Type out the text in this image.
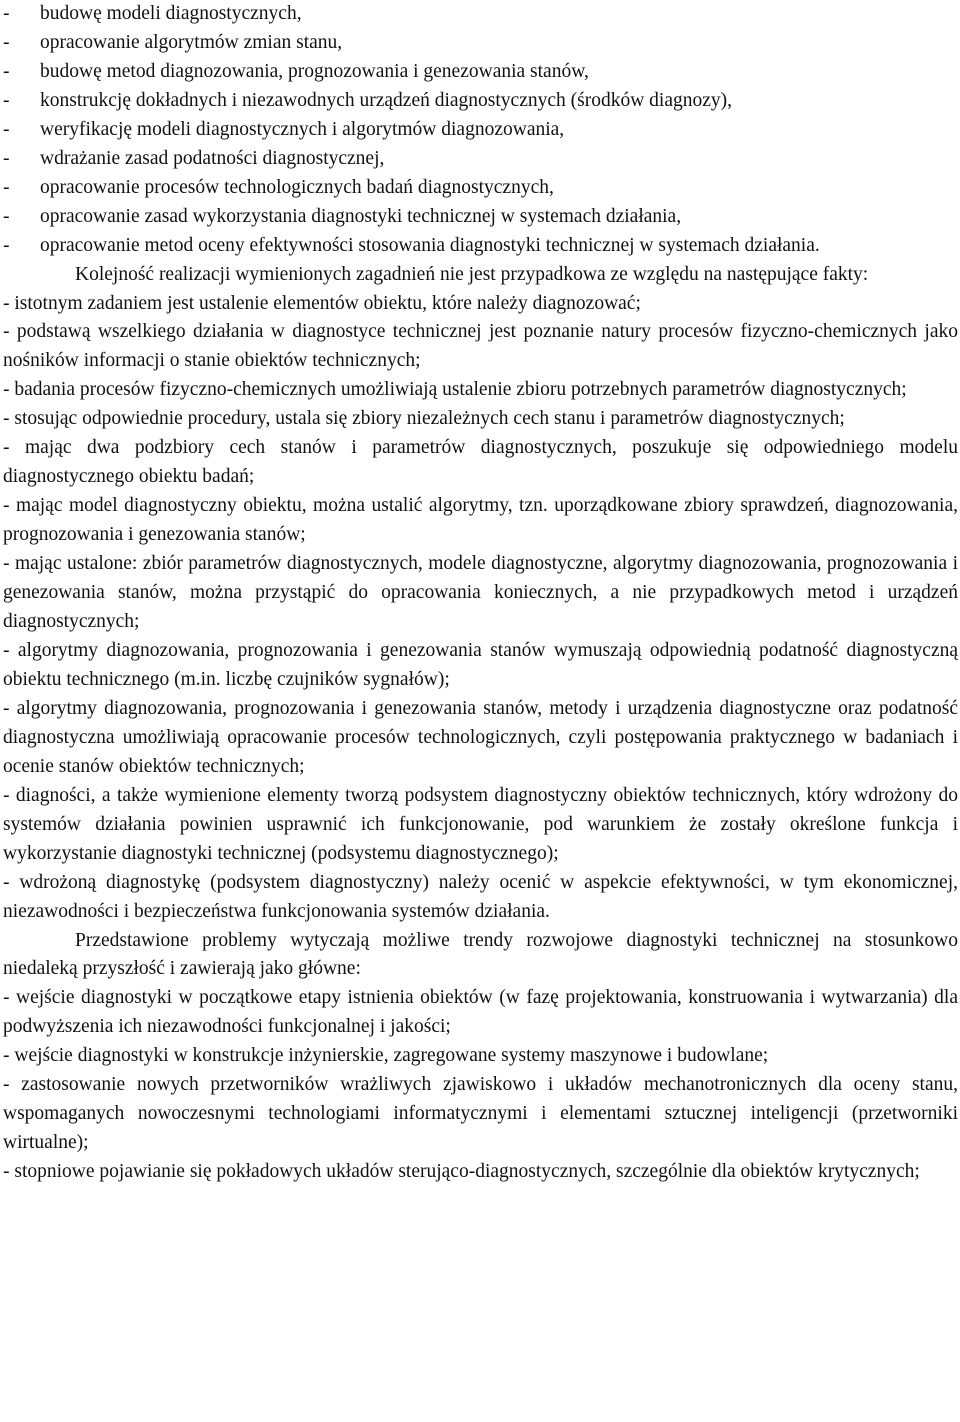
-	budowę modeli diagnostycznych,
-	opracowanie algorytmów zmian stanu,
-	budowę metod diagnozowania, prognozowania i genezowania stanów,
-	konstrukcję dokładnych i niezawodnych urządzeń diagnostycznych (środków diagnozy),
-	weryfikację modeli diagnostycznych i algorytmów diagnozowania,
-	wdrażanie zasad podatności diagnostycznej,
-	opracowanie procesów technologicznych badań diagnostycznych,
-	opracowanie zasad wykorzystania diagnostyki technicznej w systemach działania,
-	opracowanie metod oceny efektywności stosowania diagnostyki technicznej w systemach działania.

Kolejność realizacji wymienionych zagadnień nie jest przypadkowa ze względu na następujące fakty:

- istotnym zadaniem jest ustalenie elementów obiektu, które należy diagnozować;

- podstawą wszelkiego działania w diagnostyce technicznej jest poznanie natury procesów fizyczno-chemicznych jako nośników informacji o stanie obiektów technicznych;

- badania procesów fizyczno-chemicznych umożliwiają ustalenie zbioru potrzebnych parametrów diagnostycznych;

- stosując odpowiednie procedury, ustala się zbiory niezależnych cech stanu i parametrów diagnostycznych;

- mając dwa podzbiory cech stanów i parametrów diagnostycznych, poszukuje się odpowiedniego modelu diagnostycznego obiektu badań;

- mając model diagnostyczny obiektu, można ustalić algorytmy, tzn. uporządkowane zbiory sprawdzeń, diagnozowania, prognozowania i genezowania stanów;

- mając ustalone: zbiór parametrów diagnostycznych, modele diagnostyczne, algorytmy diagnozowania, prognozowania i genezowania stanów, można przystąpić do opracowania koniecznych, a nie przypadkowych metod i urządzeń diagnostycznych;

- algorytmy diagnozowania, prognozowania i genezowania stanów wymuszają odpowiednią podatność diagnostyczną obiektu technicznego (m.in. liczbę czujników sygnałów);

- algorytmy diagnozowania, prognozowania i genezowania stanów, metody i urządzenia diagnostyczne oraz podatność diagnostyczna umożliwiają opracowanie procesów technologicznych, czyli postępowania praktycznego w badaniach i ocenie stanów obiektów technicznych;

- diagności, a także wymienione elementy tworzą podsystem diagnostyczny obiektów technicznych, który wdrożony do systemów działania powinien usprawnić ich funkcjonowanie, pod warunkiem że zostały określone funkcja i wykorzystanie diagnostyki technicznej (podsystemu diagnostycznego);

- wdrożoną diagnostykę (podsystem diagnostyczny) należy ocenić w aspekcie efektywności, w tym ekonomicznej, niezawodności i bezpieczeństwa funkcjonowania systemów działania.

Przedstawione problemy wytyczają możliwe trendy rozwojowe diagnostyki technicznej na stosunkowo niedaleką przyszłość i zawierają jako główne:

- wejście diagnostyki w początkowe etapy istnienia obiektów (w fazę projektowania, konstruowania i wytwarzania) dla podwyższenia ich niezawodności funkcjonalnej i jakości;

- wejście diagnostyki w konstrukcje inżynierskie, zagregowane systemy maszynowe i budowlane;

- zastosowanie nowych przetworników wrażliwych zjawiskowo i układów mechanotronicznych dla oceny stanu, wspomaganych nowoczesnymi technologiami informatycznymi i elementami sztucznej inteligencji (przetworniki wirtualne);

- stopniowe pojawianie się pokładowych układów sterująco-diagnostycznych, szczególnie dla obiektów krytycznych;
